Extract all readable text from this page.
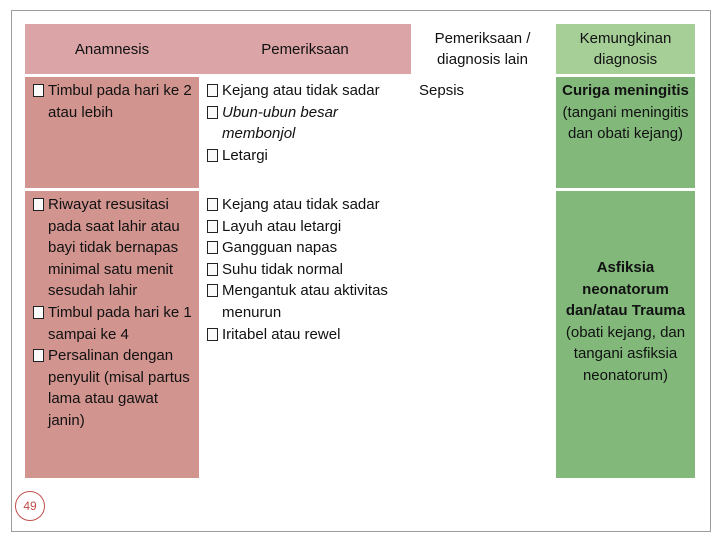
Anamnesis	Pemeriksaan
Pemeriksaan / diagnosis lain
Kemungkinan diagnosis
Timbul pada hari ke 2 atau lebih
Kejang atau tidak sadar
Ubun-ubun besar membonjol
Letargi
Sepsis	Curiga meningitis (tangani meningitis dan obati kejang)
Riwayat resusitasi pada saat lahir atau bayi tidak bernapas minimal satu menit sesudah lahir
Timbul pada hari ke 1 sampai ke 4
Persalinan dengan penyulit (misal partus lama atau gawat janin)
Kejang atau tidak sadar
Layuh atau letargi
Gangguan napas
Suhu tidak normal
Mengantuk atau aktivitas menurun
Iritabel atau rewel
Asfiksia neonatorum dan/atau Trauma (obati kejang, dan tangani asfiksia neonatorum)
49
